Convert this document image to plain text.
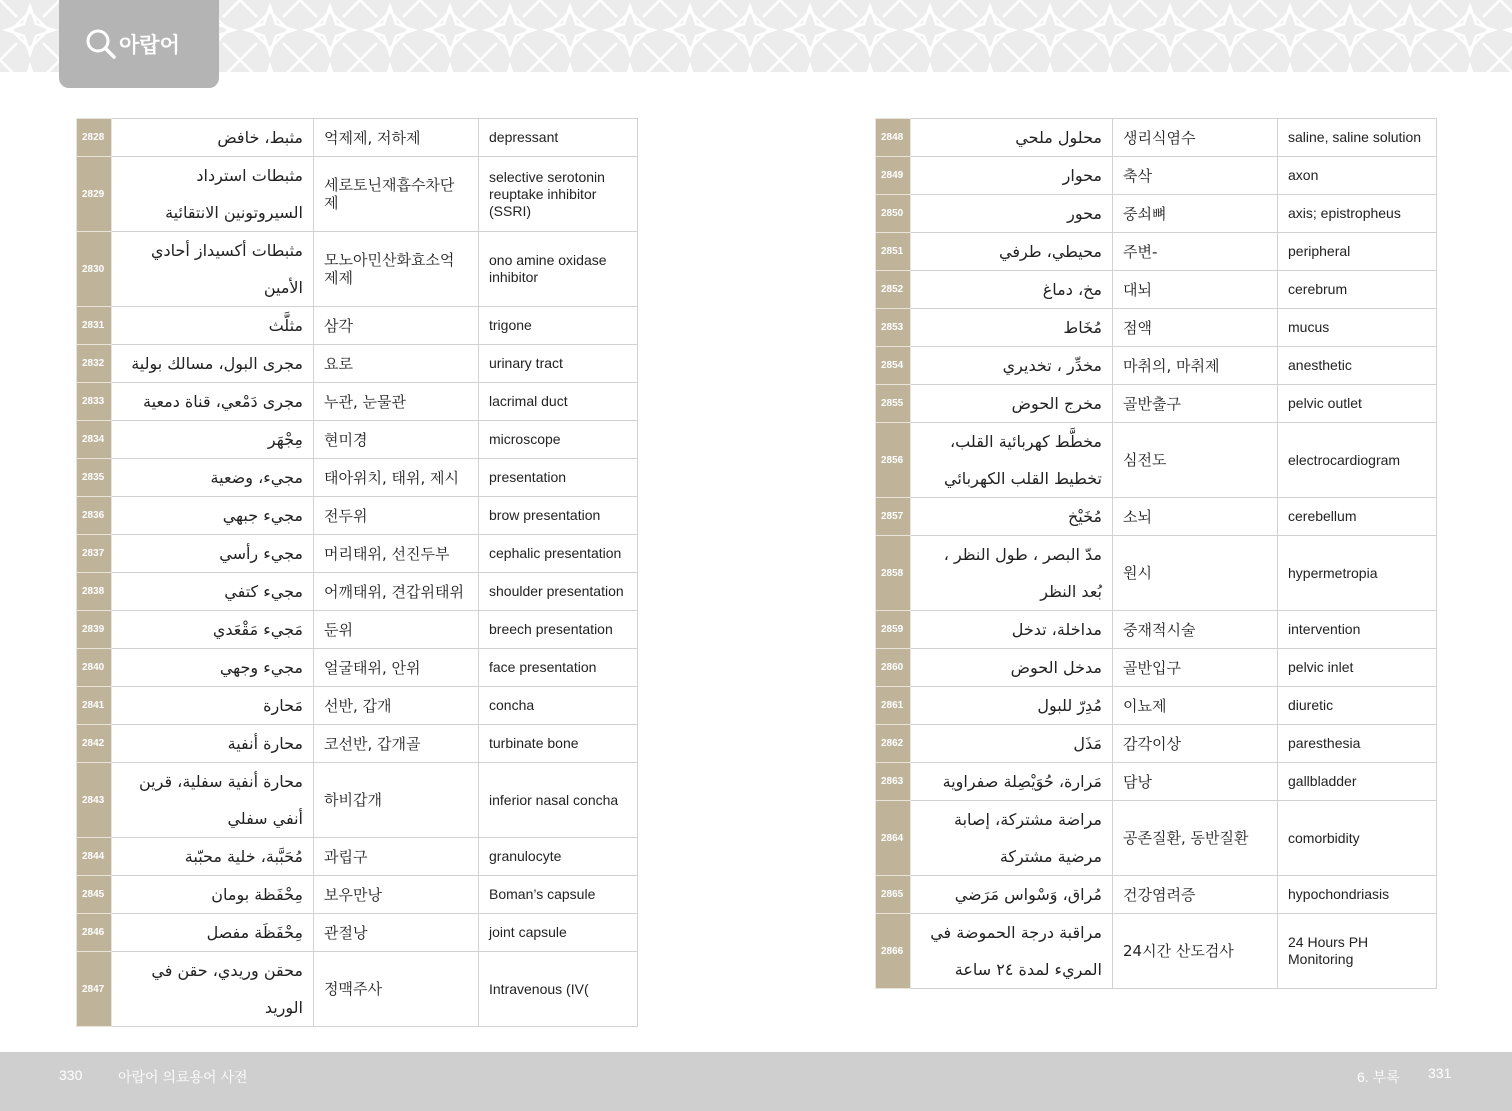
아랍어
2828	مثبط، خافض	억제제, 저하제	depressant
2829	مثبطات استرداد السيروتونين الانتقائية	세로토닌재흡수차단제	selective serotonin reuptake inhibitor (SSRI)
2830	مثبطات أكسيداز أحادي الأمين	모노아민산화효소억제제	ono amine oxidase inhibitor
2831	مثلَّث	삼각	trigone
2832	مجرى البول، مسالك بولية	요로	urinary tract
2833	مجرى دَمْعي، قناة دمعية	누관, 눈물관	lacrimal duct
2834	مِجْهَر	현미경	microscope
2835	مجيء، وضعية	태아위치, 태위, 제시	presentation
2836	مجيء جبهي	전두위	brow presentation
2837	مجيء رأسي	머리태위, 선진두부	cephalic presentation
2838	مجيء كتفي	어깨태위, 견갑위태위	shoulder presentation
2839	مَجيء مَقْعَدي	둔위	breech presentation
2840	مجيء وجهي	얼굴태위, 안위	face presentation
2841	مَحارة	선반, 갑개	concha
2842	محارة أنفية	코선반, 갑개골	turbinate bone
2843	محارة أنفية سفلية، قرين أنفي سفلي	하비갑개	inferior nasal concha
2844	مُحَبَّبة، خلية محبّبة	과립구	granulocyte
2845	مِحْفَظة بومان	보우만낭	Boman’s capsule
2846	مِحْفَظَة مفصل	관절낭	joint capsule
2847	محقن وريدي، حقن في الوريد	정맥주사	Intravenous (IV(
2848	محلول ملحي	생리식염수	saline, saline solution
2849	محوار	축삭	axon
2850	محور	중쇠뼈	axis; epistropheus
2851	محيطي، طرفي	주변-	peripheral
2852	مخ، دماغ	대뇌	cerebrum
2853	مُخَاط	점액	mucus
2854	مخدِّر ، تخديري	마취의, 마취제	anesthetic
2855	مخرج الحوض	골반출구	pelvic outlet
2856	مخطَّط كهربائية القلب، تخطيط القلب الكهربائي	심전도	electrocardiogram
2857	مُخَيْخ	소뇌	cerebellum
2858	مدّ البصر ، طول النظر ، بُعد النظر	원시	hypermetropia
2859	مداخلة، تدخل	중재적시술	intervention
2860	مدخل الحوض	골반입구	pelvic inlet
2861	مُدِرّ للبول	이뇨제	diuretic
2862	مَذَل	감각이상	paresthesia
2863	مَرارة، حُوَيْصِلة صفراوية	담낭	gallbladder
2864	مراضة مشتركة، إصابة مرضية مشتركة	공존질환, 동반질환	comorbidity
2865	مُراق، وَسْواس مَرَضي	건강염려증	hypochondriasis
2866	مراقبة درجة الحموضة في المريء لمدة ٢٤ ساعة	24시간 산도검사	24 Hours PH Monitoring
330	아랍어 의료용어 사전	6. 부록 331
